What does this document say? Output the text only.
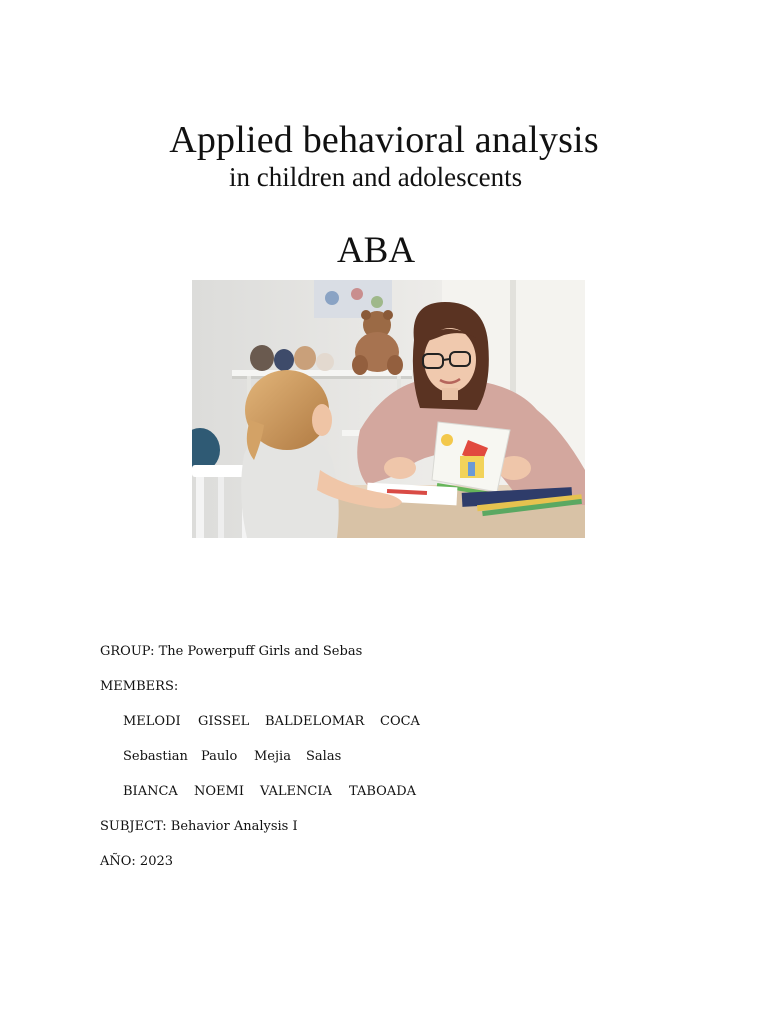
Applied behavioral analysis
in children and adolescents
ABA
GROUP: The Powerpuff Girls and Sebas
MEMBERS:
MELODI	GISSEL	BALDELOMAR	COCA
Sebastian	Paulo	Mejia	Salas
BIANCA	NOEMI	VALENCIA	TABOADA
SUBJECT: Behavior Analysis I
AÑO: 2023
